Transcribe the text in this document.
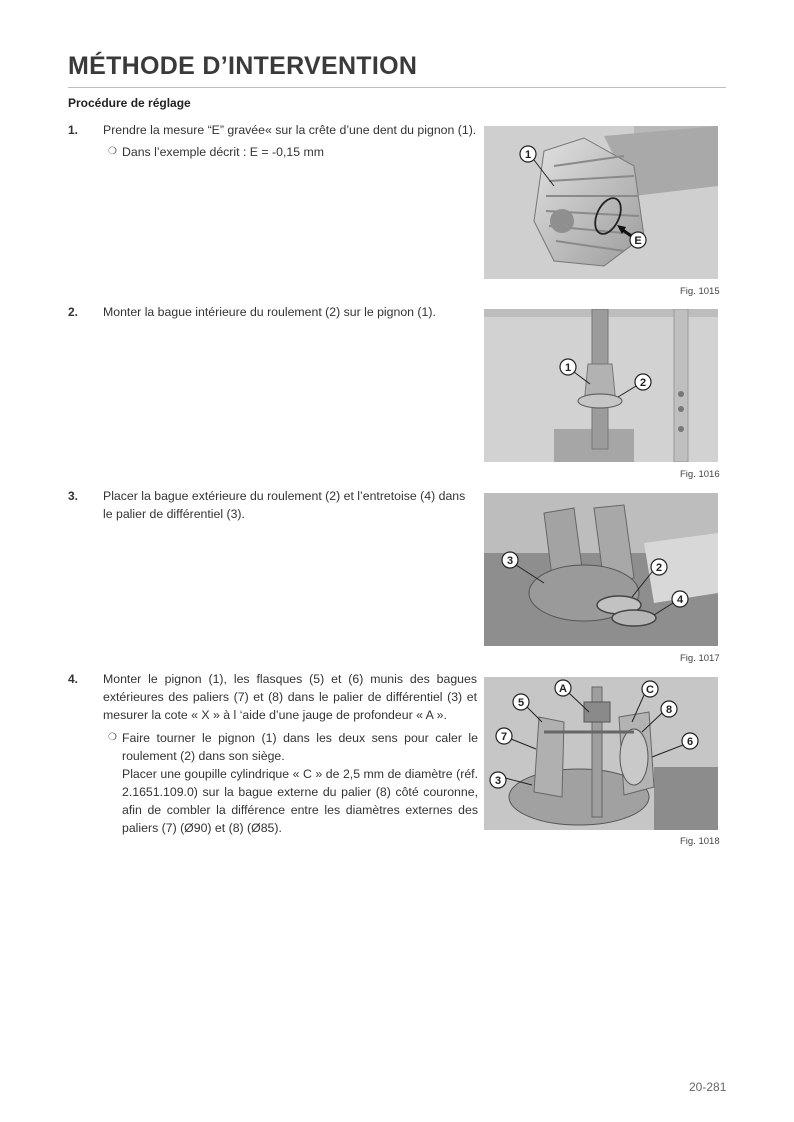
MÉTHODE D’INTERVENTION
Procédure de réglage
1. Prendre la mesure “E” gravée« sur la crête d’une dent du pignon (1).
❍ Dans l’exemple décrit : E = -0,15 mm	1
E
Fig. 1015
2. Monter la bague intérieure du roulement (2) sur le pignon (1).
1
2
Fig. 1016
3. Placer la bague extérieure du roulement (2) et l’entretoise (4) dans le palier de différentiel (3).
3
2
4
Fig. 1017
4. Monter le pignon (1), les flasques (5) et (6) munis des bagues extérieures des paliers (7) et (8) dans le palier de différentiel (3) et mesurer la cote « X » à l ‘aide d’une jauge de profondeur « A ».
❍ Faire tourner le pignon (1) dans les deux sens pour caler le roulement (2) dans son siège.
Placer une goupille cylindrique « C » de 2,5 mm de diamètre (réf. 2.1651.109.0) sur la bague externe du palier (8) côté couronne, afin de combler la différence entre les diamètres externes des paliers (7) (Ø90) et (8) (Ø85).
A	C
5
8
7	6
3
Fig. 1018
20-281
